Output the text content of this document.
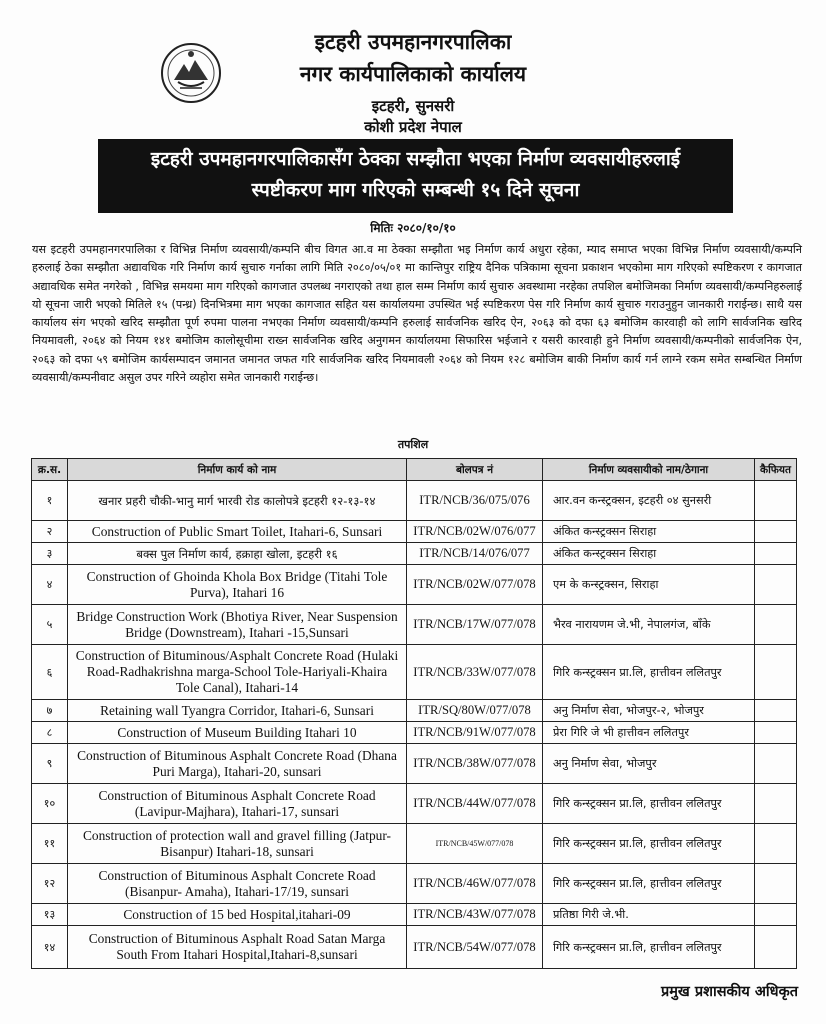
इटहरी उपमहानगरपालिका
नगर कार्यपालिकाको कार्यालय
इटहरी, सुनसरी
कोशी प्रदेश नेपाल
इटहरी उपमहानगरपालिकासँग ठेक्का सम्झौता भएका निर्माण व्यवसायीहरुलाई
स्पष्टीकरण माग गरिएको सम्बन्धी १५ दिने सूचना
मितिः २०८०/१०/१०
यस इटहरी उपमहानगरपालिका र विभिन्न निर्माण व्यवसायी/कम्पनि बीच विगत आ.व मा ठेक्का सम्झौता भइ निर्माण कार्य अधुरा रहेका, म्याद समाप्त भएका विभिन्न निर्माण व्यवसायी/कम्पनि हरुलाई ठेका सम्झौता अद्यावधिक गरि निर्माण कार्य सुचारु गर्नाका लागि मिति २०८०/०५/०१ मा कान्तिपुर राष्ट्रिय दैनिक पत्रिकामा सूचना प्रकाशन भएकोमा माग गरिएको स्पष्टिकरण र कागजात अद्यावधिक समेत नगरेको , विभिन्न समयमा माग गरिएको कागजात उपलब्ध नगराएको तथा हाल सम्म निर्माण कार्य सुचारु अवस्थामा नरहेका तपशिल बमोजिमका निर्माण व्यवसायी/कम्पनिहरुलाई यो सूचना जारी भएको मितिले १५ (पन्ध्र) दिनभित्रमा माग भएका कागजात सहित यस कार्यालयमा उपस्थित भई स्पष्टिकरण पेस गरि निर्माण कार्य सुचारु गराउनुहुन जानकारी गराईन्छ। साथै यस कार्यालय संग भएको खरिद सम्झौता पूर्ण रुपमा पालना नभएका निर्माण व्यवसायी/कम्पनि हरुलाई सार्वजनिक खरिद ऐन, २०६३ को दफा ६३ बमोजिम कारवाही को लागि सार्वजनिक खरिद नियमावली, २०६४ को नियम १४१ बमोजिम कालोसूचीमा राख्न सार्वजनिक खरिद अनुगमन कार्यालयमा सिफारिस भईजाने र यसरी कारवाही हुने निर्माण व्यवसायी/कम्पनीको सार्वजनिक ऐन, २०६३ को दफा ५९ बमोजिम कार्यसम्पादन जमानत जमानत जफत गरि सार्वजनिक खरिद नियमावली २०६४ को नियम १२८ बमोजिम बाकी निर्माण कार्य गर्न लाग्ने रकम समेत सम्बन्धित निर्माण व्यवसायी/कम्पनीवाट असुल उपर गरिने व्यहोरा समेत जानकारी गराईन्छ।
तपशिल
क्र.स.	निर्माण कार्य को नाम	बोलपत्र नं	निर्माण व्यवसायीको नाम/ठेगाना	कैफियत
१	खनार प्रहरी चौकी-भानु मार्ग भारवी रोड कालोपत्रे इटहरी १२-१३-१४	ITR/NCB/36/075/076	आर.वन कन्स्ट्रक्सन, इटहरी ०४ सुनसरी	
२	Construction of Public Smart Toilet, Itahari-6, Sunsari	ITR/NCB/02W/076/077	अंकित कन्स्ट्रक्सन सिराहा	
३	बक्स पुल निर्माण कार्य, हक्राहा खोला, इटहरी १६	ITR/NCB/14/076/077	अंकित कन्स्ट्रक्सन सिराहा	
४	Construction of Ghoinda Khola Box Bridge (Titahi Tole Purva), Itahari 16	ITR/NCB/02W/077/078	एम के कन्स्ट्रक्सन, सिराहा	
५	Bridge Construction Work (Bhotiya River, Near Suspension Bridge (Downstream), Itahari -15,Sunsari	ITR/NCB/17W/077/078	भैरव नारायणम जे.भी, नेपालगंज, बाँके	
६	Construction of Bituminous/Asphalt Concrete Road (Hulaki Road-Radhakrishna marga-School Tole-Hariyali-Khaira Tole Canal), Itahari-14	ITR/NCB/33W/077/078	गिरि कन्स्ट्रक्सन प्रा.लि, हात्तीवन ललितपुर	
७	Retaining wall Tyangra Corridor, Itahari-6, Sunsari	ITR/SQ/80W/077/078	अनु निर्माण सेवा, भोजपुर-२, भोजपुर	
८	Construction of Museum Building Itahari 10	ITR/NCB/91W/077/078	प्रेरा गिरि जे भी हात्तीवन ललितपुर	
९	Construction of Bituminous Asphalt Concrete Road (Dhana Puri Marga), Itahari-20, sunsari	ITR/NCB/38W/077/078	अनु निर्माण सेवा, भोजपुर	
१०	Construction of Bituminous Asphalt Concrete Road (Lavipur-Majhara), Itahari-17, sunsari	ITR/NCB/44W/077/078	गिरि कन्स्ट्रक्सन प्रा.लि, हात्तीवन ललितपुर	
११	Construction of protection wall and gravel filling (Jatpur- Bisanpur) Itahari-18, sunsari	ITR/NCB/45W/077/078	गिरि कन्स्ट्रक्सन प्रा.लि, हात्तीवन ललितपुर	
१२	Construction of Bituminous Asphalt Concrete Road (Bisanpur- Amaha), Itahari-17/19, sunsari	ITR/NCB/46W/077/078	गिरि कन्स्ट्रक्सन प्रा.लि, हात्तीवन ललितपुर	
१३	Construction of 15 bed Hospital,itahari-09	ITR/NCB/43W/077/078	प्रतिष्ठा गिरी जे.भी.	
१४	Construction of Bituminous Asphalt Road Satan Marga South From Itahari Hospital,Itahari-8,sunsari	ITR/NCB/54W/077/078	गिरि कन्स्ट्रक्सन प्रा.लि, हात्तीवन ललितपुर	
प्रमुख प्रशासकीय अधिकृत
